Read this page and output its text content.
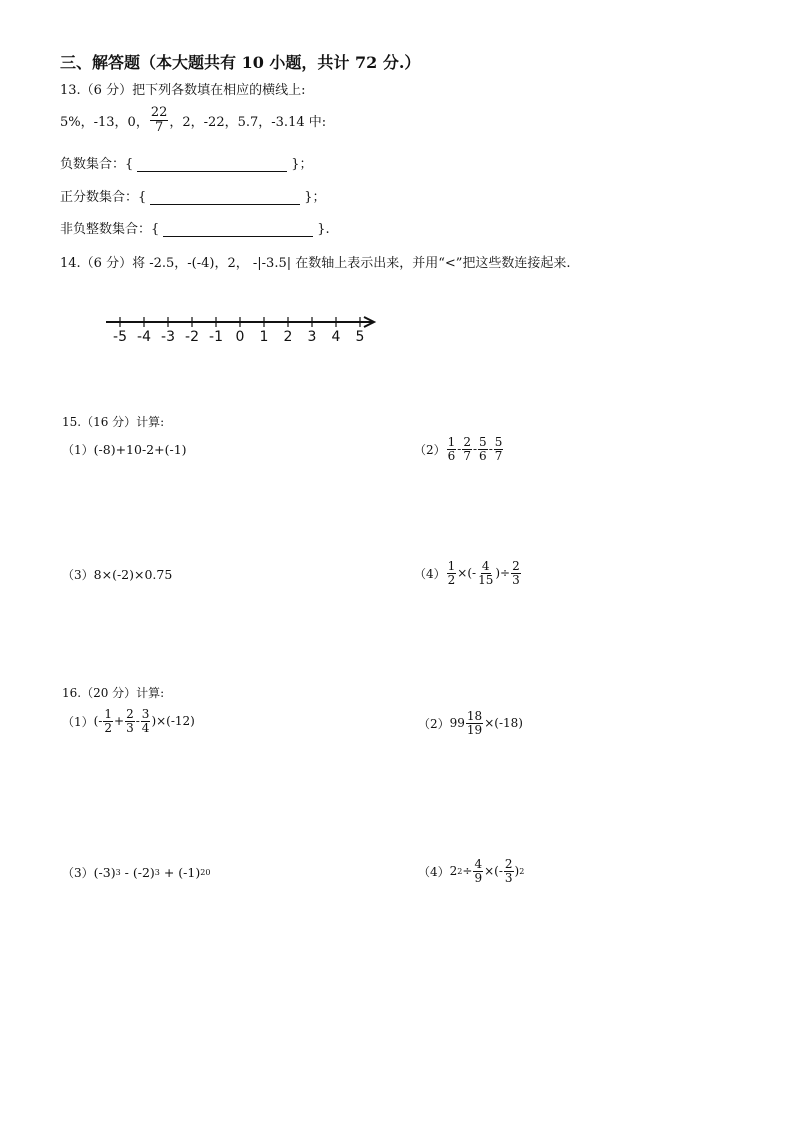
三、解答题（本大题共有 10 小题，共计 72 分.）
13.（6 分）把下列各数填在相应的横线上:
5%，-13，0， $\frac{22}{7}$ ，2，-22，5.7，-3.14 中:
负数集合：{	}；
正分数集合：{	}；
非负整数集合：{	}.
14.（6 分）将 -2.5，-(-4)，2， -|-3.5| 在数轴上表示出来，并用“<”把这些数连接起来.
-5 -4 -3 -2 -1 0 1 2 3 4 5
15.（16 分）计算:
（1） (-8)+10-2+(-1)	$(2) \frac{1}{6} - \frac{2}{7} - \frac{5}{6} - \frac{5}{7}$
（3） 8×(-2)×0.75	$(4) \frac{1}{2}$ ×(- $\frac{4}{15}$ )÷ $\frac{2}{3}$
16.（20 分）计算:
（1） (- $\frac{1}{2} + \frac{2}{3} - \frac{3}{4} )\times(-12)$	（2） $99 \frac{18}{19} \times(-18)$
（3） (-3) 3 - (-2) 3 + (-1) 20	（4） 2 $2 \div \frac{4}{9}$ ×(- $\frac{2}{3}$ ) 2
